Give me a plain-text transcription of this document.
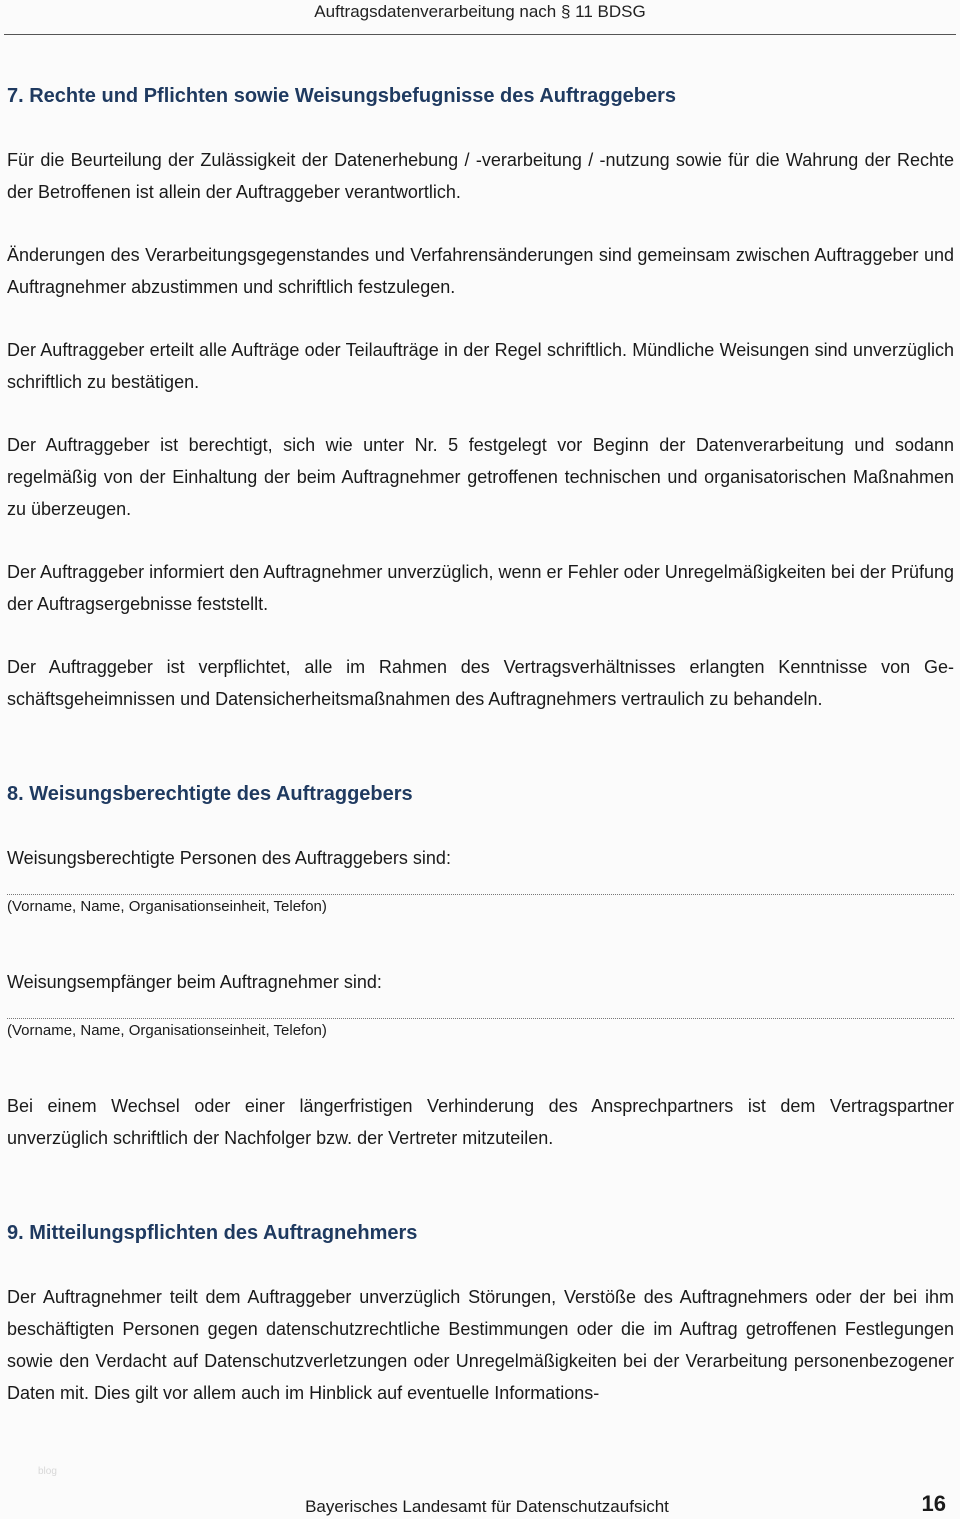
Auftragsdatenverarbeitung nach § 11 BDSG
7. Rechte und Pflichten sowie Weisungsbefugnisse des Auftraggebers

Für die Beurteilung der Zulässigkeit der Datenerhebung / -verarbeitung / -nutzung sowie für die Wahrung der Rechte der Betroffenen ist allein der Auftraggeber verantwortlich.

Änderungen des Verarbeitungsgegenstandes und Verfahrensänderungen sind gemeinsam zwischen Auftraggeber und Auftragnehmer abzustimmen und schriftlich festzulegen.

Der Auftraggeber erteilt alle Aufträge oder Teilaufträge in der Regel schriftlich. Mündliche Weisungen sind unverzüglich schriftlich zu bestätigen.

Der Auftraggeber ist berechtigt, sich wie unter Nr. 5 festgelegt vor Beginn der Datenverarbeitung und sodann regelmäßig von der Einhaltung der beim Auftragnehmer getroffenen technischen und organisatorischen Maßnahmen zu überzeugen.

Der Auftraggeber informiert den Auftragnehmer unverzüglich, wenn er Fehler oder Unregelmäßigkeiten bei der Prüfung der Auftragsergebnisse feststellt.

Der Auftraggeber ist verpflichtet, alle im Rahmen des Vertragsverhältnisses erlangten Kenntnisse von Geschäftsgeheimnissen und Datensicherheitsmaßnahmen des Auftragnehmers vertraulich zu behandeln.

8. Weisungsberechtigte des Auftraggebers

Weisungsberechtigte Personen des Auftraggebers sind:

(Vorname, Name, Organisationseinheit, Telefon)

Weisungsempfänger beim Auftragnehmer sind:

(Vorname, Name, Organisationseinheit, Telefon)

Bei einem Wechsel oder einer längerfristigen Verhinderung des Ansprechpartners ist dem Vertragspartner unverzüglich schriftlich der Nachfolger bzw. der Vertreter mitzuteilen.

9. Mitteilungspflichten des Auftragnehmers

Der Auftragnehmer teilt dem Auftraggeber unverzüglich Störungen, Verstöße des Auftragnehmers oder der bei ihm beschäftigten Personen gegen datenschutzrechtliche Bestimmungen oder die im Auftrag getroffenen Festlegungen sowie den Verdacht auf Datenschutzverletzungen oder Unregelmäßigkeiten bei der Verarbeitung personenbezogener Daten mit. Dies gilt vor allem auch im Hinblick auf eventuelle Informations-

blog
Bayerisches Landesamt für Datenschutzaufsicht	16
